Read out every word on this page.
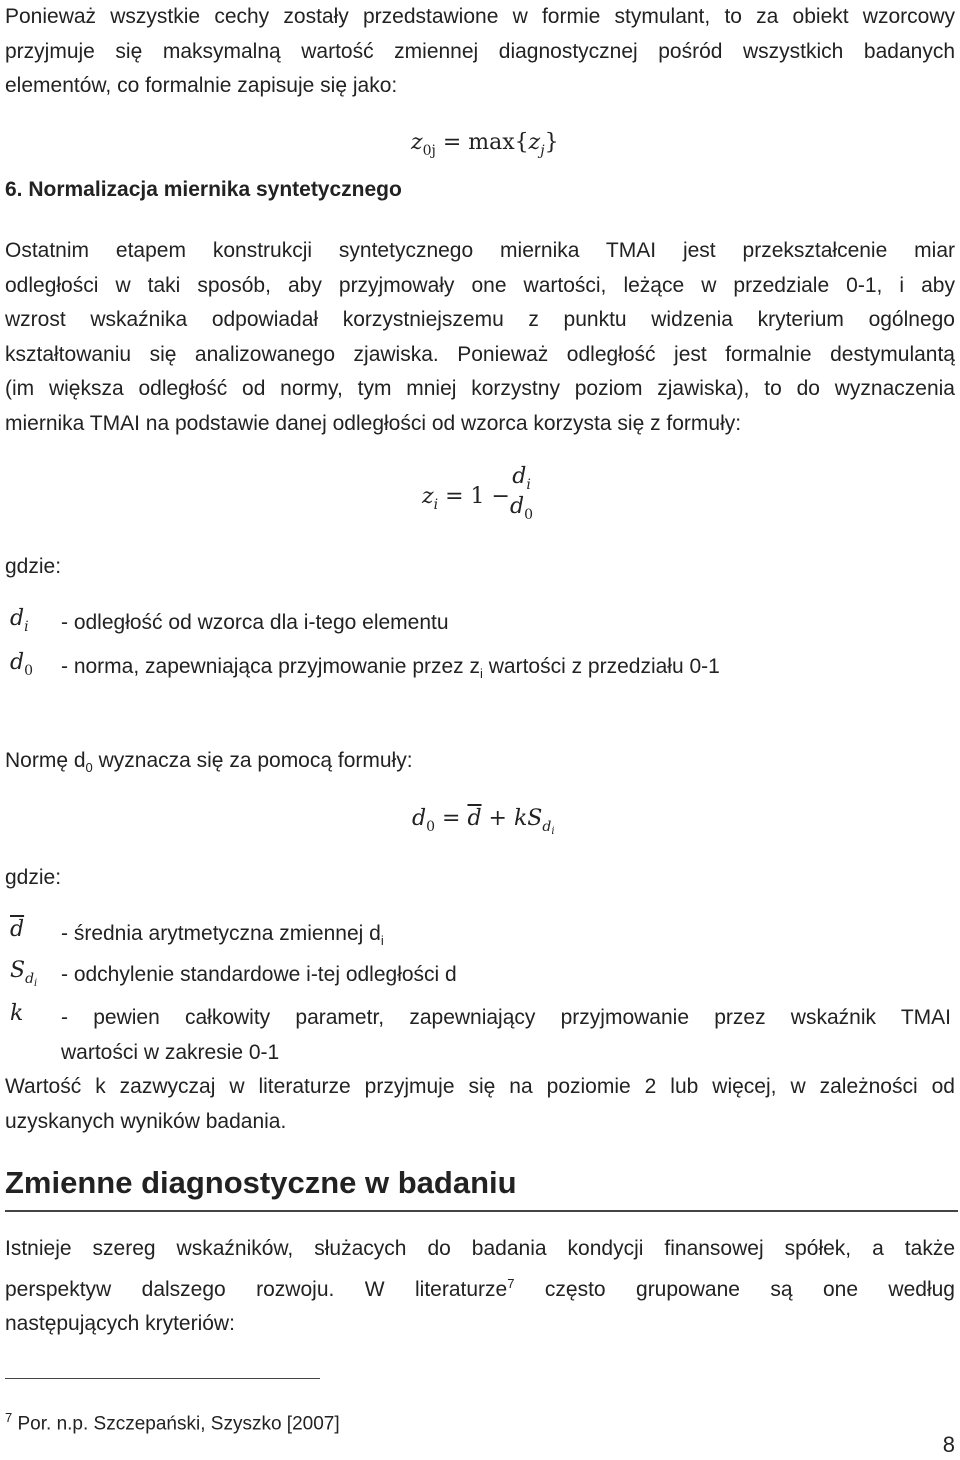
Ponieważ wszystkie cechy zostały przedstawione w formie stymulant, to za obiekt wzorcowy
przyjmuje się maksymalną wartość zmiennej diagnostycznej pośród wszystkich badanych
elementów, co formalnie zapisuje się jako:
$z_{0j} = \max\{z_j\}$
6. Normalizacja miernika syntetycznego
Ostatnim etapem konstrukcji syntetycznego miernika TMAI jest przekształcenie miar
odległości w taki sposób, aby przyjmowały one wartości, leżące w przedziale 0-1, i aby
wzrost wskaźnika odpowiadał korzystniejszemu z punktu widzenia kryterium ogólnego
kształtowaniu się analizowanego zjawiska. Ponieważ odległość jest formalnie destymulantą
(im większa odległość od normy, tym mniej korzystny poziom zjawiska), to do wyznaczenia
miernika TMAI na podstawie danej odległości od wzorca korzysta się z formuły:
$z_i = 1$ −
$d_i$
$d_0$
gdzie:
$d_i$ - odległość od wzorca dla i-tego elementu
$d_0$ - norma, zapewniająca przyjmowanie przez $z_i$ wartości z przedziału 0-1
Normę $d_0$ wyznacza się za pomocą formuły:
$d_0 = \overline{d} + kS_{d_i}$
gdzie:
$\overline{d}$ - średnia arytmetyczna zmiennej $d_i$
$S_{d_i}$ - odchylenie standardowe i-tej odległości d
k - pewien całkowity parametr, zapewniający przyjmowanie przez wskaźnik TMAI
wartości w zakresie 0-1
Wartość k zazwyczaj w literaturze przyjmuje się na poziomie 2 lub więcej, w zależności od
uzyskanych wyników badania.
Zmienne diagnostyczne w badaniu
Istnieje szereg wskaźników, służacych do badania kondycji finansowej spółek, a także
perspektyw dalszego rozwoju. W literaturze$^7$ często grupowane są one według
następujących kryteriów:
$^7$ Por. n.p. Szczepański, Szyszko [2007]
8
